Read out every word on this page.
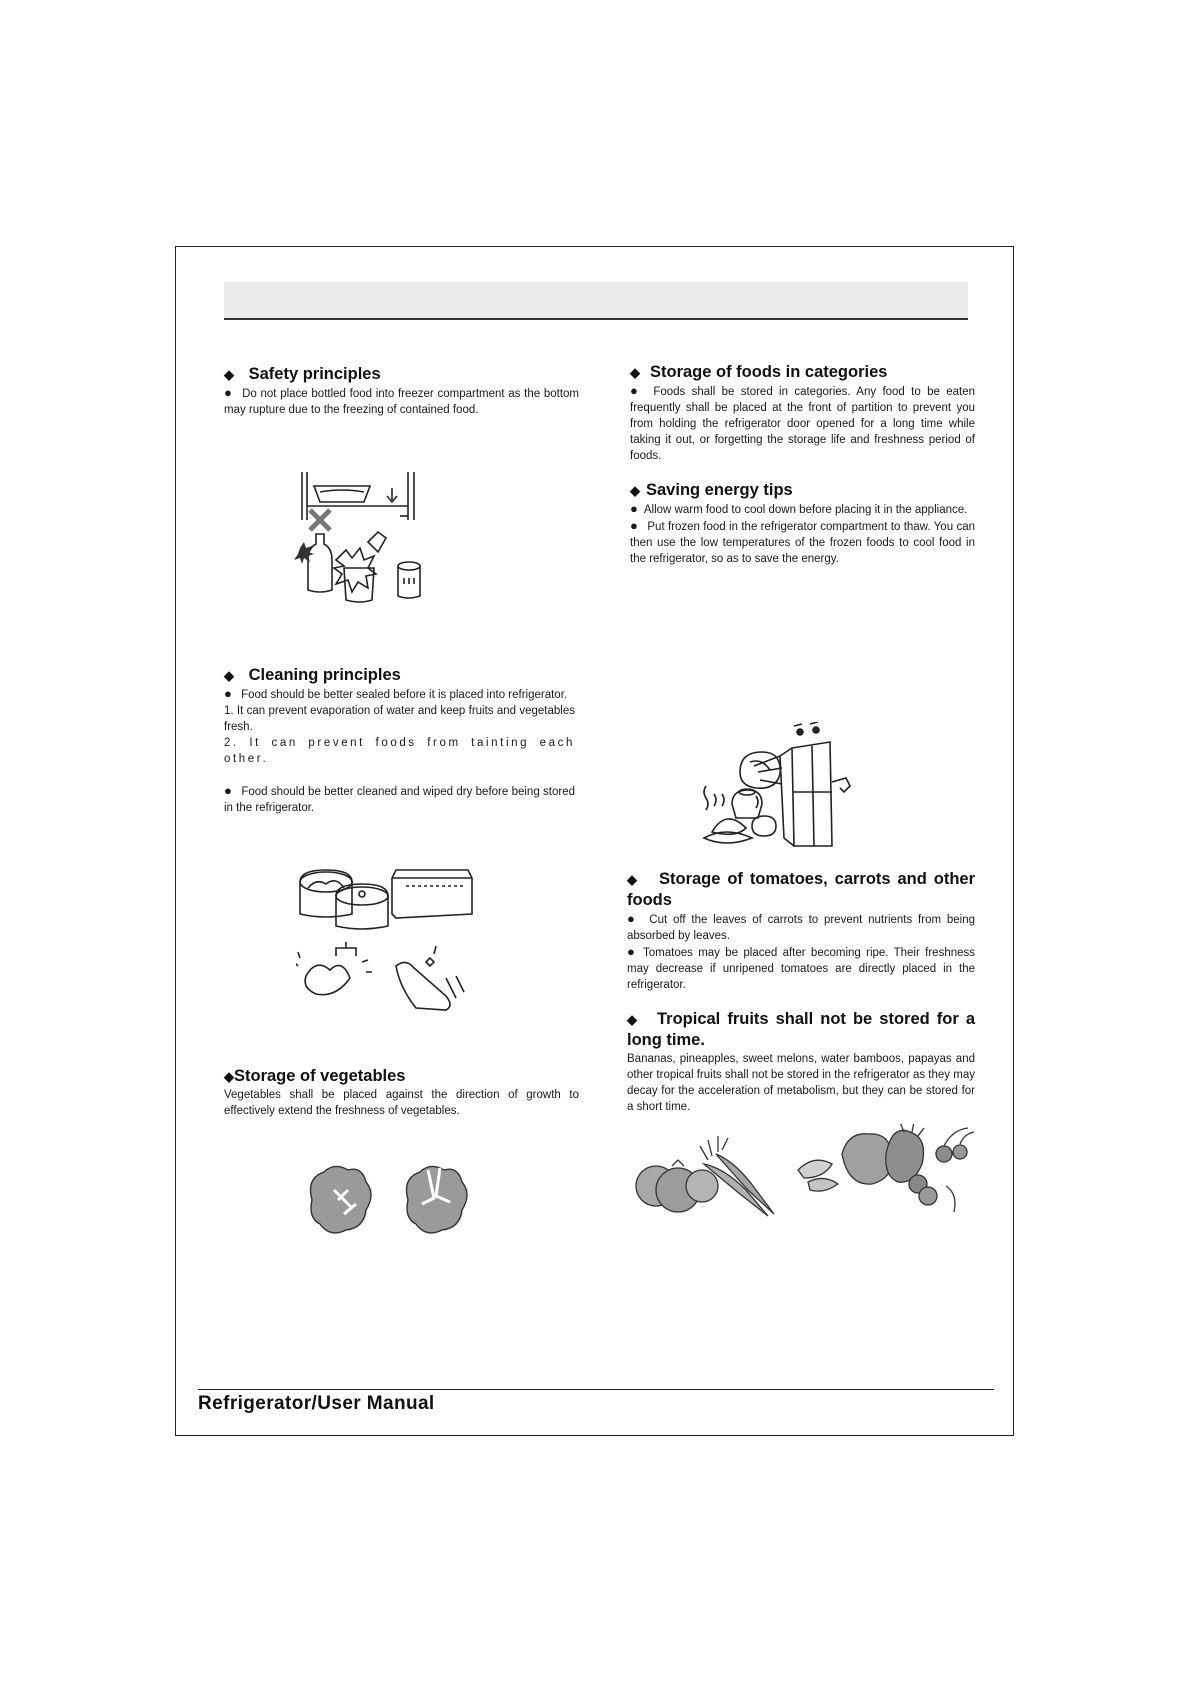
◆ Safety principles

● Do not place bottled food into freezer compartment as the bottom may rupture due to the freezing of contained food.

◆ Cleaning principles

● Food should be better sealed before it is placed into refrigerator.

1. It can prevent evaporation of water and keep fruits and vegetables fresh.

2. It can prevent foods from tainting each other.

● Food should be better cleaned and wiped dry before being stored in the refrigerator.

◆Storage of vegetables

Vegetables shall be placed against the direction of growth to effectively extend the freshness of vegetables.

◆ Storage of foods in categories

● Foods shall be stored in categories. Any food to be eaten frequently shall be placed at the front of partition to prevent you from holding the refrigerator door opened for a long time while taking it out, or forgetting the storage life and freshness period of foods.

◆ Saving energy tips

● Allow warm food to cool down before placing it in the appliance.

● Put frozen food in the refrigerator compartment to thaw. You can then use the low temperatures of the frozen foods to cool food in the refrigerator, so as to save the energy.

◆ Storage of tomatoes, carrots and other foods

● Cut off the leaves of carrots to prevent nutrients from being absorbed by leaves.

● Tomatoes may be placed after becoming ripe. Their freshness may decrease if unripened tomatoes are directly placed in the refrigerator.

◆ Tropical fruits shall not be stored for a long time.

Bananas, pineapples, sweet melons, water bamboos, papayas and other tropical fruits shall not be stored in the refrigerator as they may decay for the acceleration of metabolism, but they can be stored for a short time.

Refrigerator/User Manual
